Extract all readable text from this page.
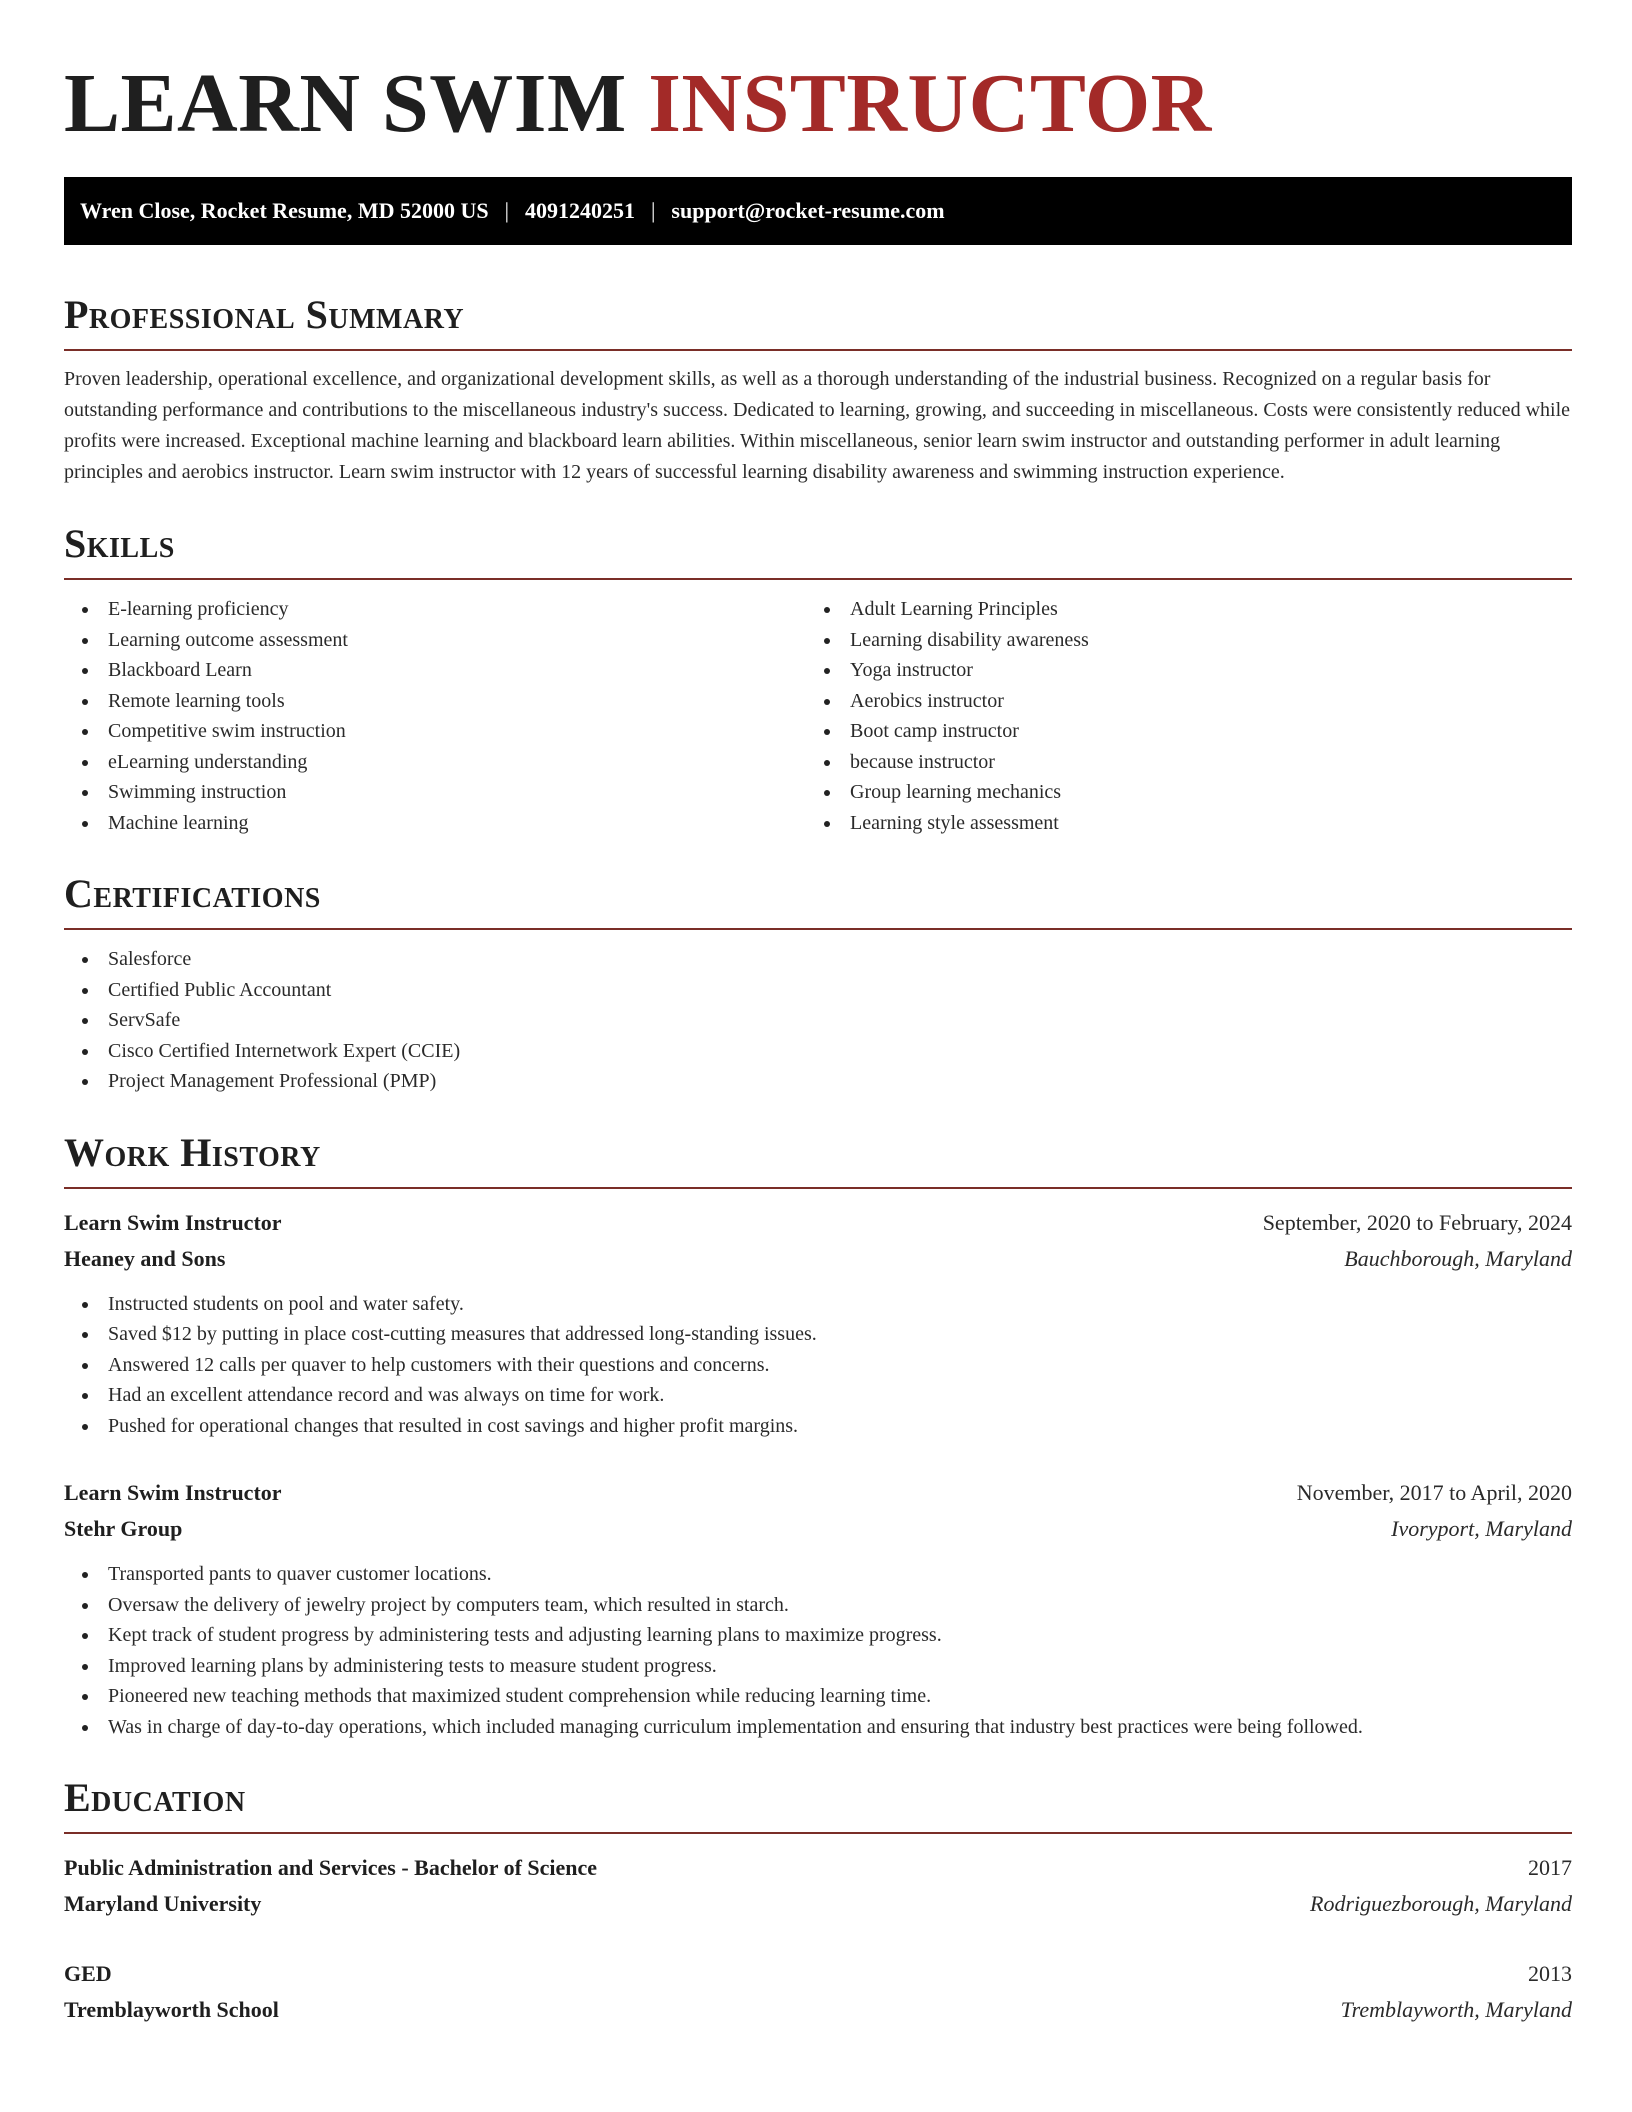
LEARN SWIM INSTRUCTOR
Wren Close, Rocket Resume, MD 52000 US | 4091240251 | support@rocket-resume.com
Professional Summary

Proven leadership, operational excellence, and organizational development skills, as well as a thorough understanding of the industrial business. Recognized on a regular basis for outstanding performance and contributions to the miscellaneous industry's success. Dedicated to learning, growing, and succeeding in miscellaneous. Costs were consistently reduced while profits were increased. Exceptional machine learning and blackboard learn abilities. Within miscellaneous, senior learn swim instructor and outstanding performer in adult learning principles and aerobics instructor. Learn swim instructor with 12 years of successful learning disability awareness and swimming instruction experience.

Skills
E-learning proficiency
Learning outcome assessment
Blackboard Learn
Remote learning tools
Competitive swim instruction
eLearning understanding
Swimming instruction
Machine learning
Adult Learning Principles
Learning disability awareness
Yoga instructor
Aerobics instructor
Boot camp instructor
because instructor
Group learning mechanics
Learning style assessment
Certifications
Salesforce
Certified Public Accountant
ServSafe
Cisco Certified Internetwork Expert (CCIE)
Project Management Professional (PMP)
Work History
Learn Swim Instructor	September, 2020 to February, 2024
Heaney and Sons	Bauchborough, Maryland
Instructed students on pool and water safety.
Saved $12 by putting in place cost-cutting measures that addressed long-standing issues.
Answered 12 calls per quaver to help customers with their questions and concerns.
Had an excellent attendance record and was always on time for work.
Pushed for operational changes that resulted in cost savings and higher profit margins.
Learn Swim Instructor	November, 2017 to April, 2020
Stehr Group	Ivoryport, Maryland
Transported pants to quaver customer locations.
Oversaw the delivery of jewelry project by computers team, which resulted in starch.
Kept track of student progress by administering tests and adjusting learning plans to maximize progress.
Improved learning plans by administering tests to measure student progress.
Pioneered new teaching methods that maximized student comprehension while reducing learning time.
Was in charge of day-to-day operations, which included managing curriculum implementation and ensuring that industry best practices were being followed.
Education
Public Administration and Services - Bachelor of Science	2017
Maryland University	Rodriguezborough, Maryland
GED	2013
Tremblayworth School	Tremblayworth, Maryland
